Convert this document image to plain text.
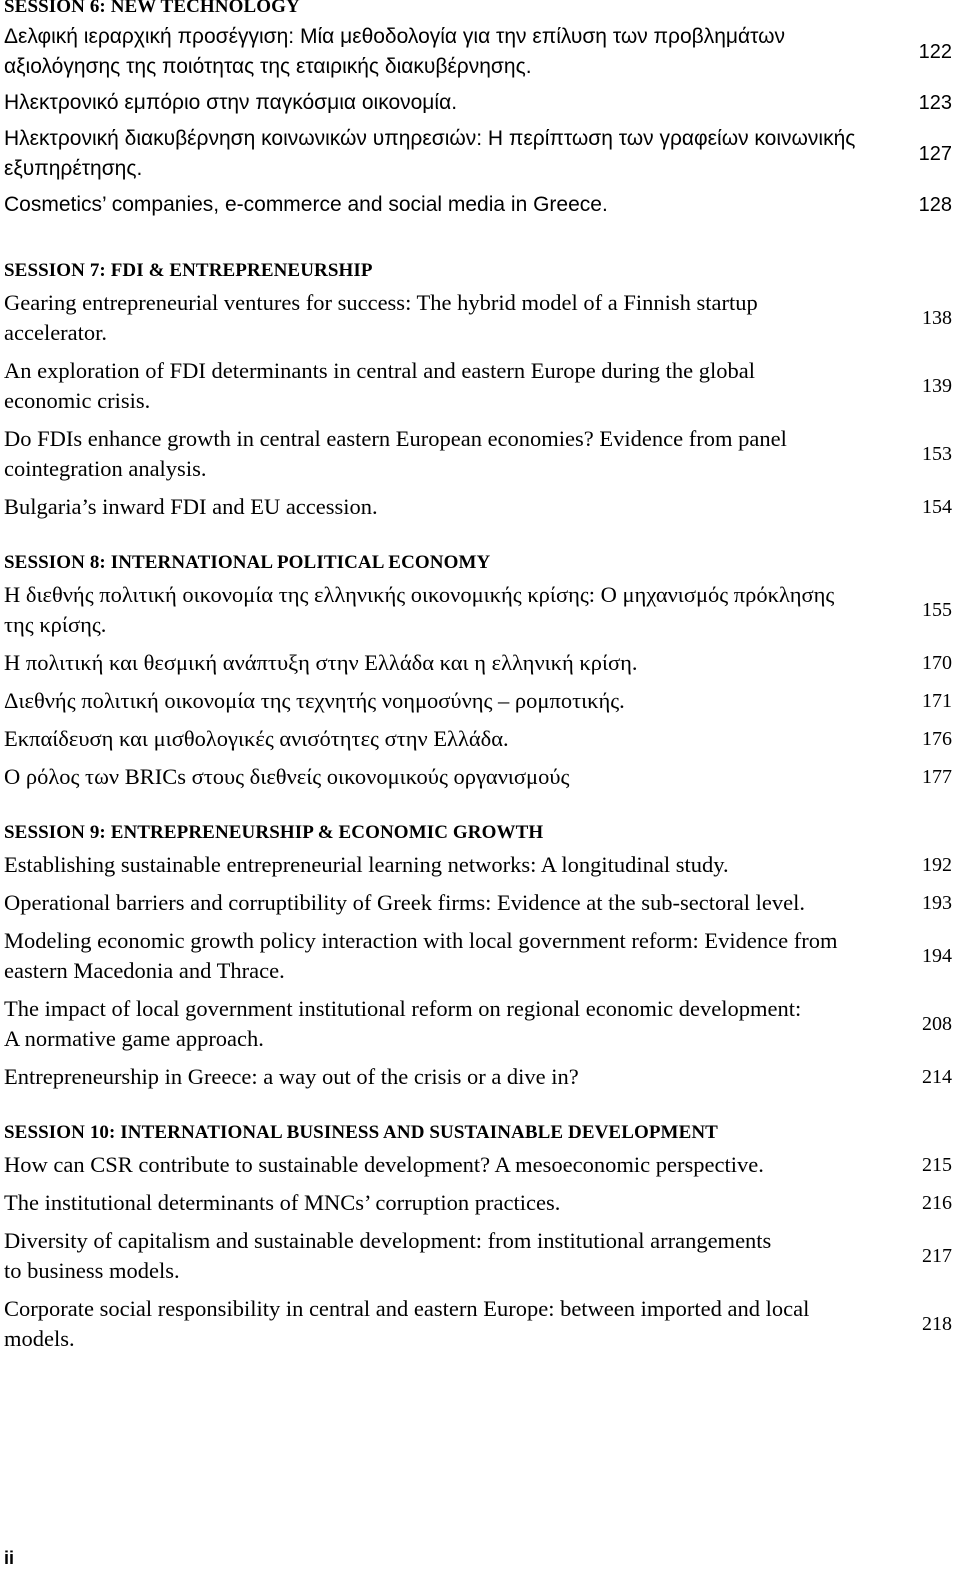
SESSION 6: NEW TECHNOLOGY
Δελφική ιεραρχική προσέγγιση: Μία μεθοδολογία για την επίλυση των προβλημάτων αξιολόγησης της ποιότητας της εταιρικής διακυβέρνησης.
122
Ηλεκτρονικό εμπόριο στην παγκόσμια οικονομία.	123
Ηλεκτρονική διακυβέρνηση κοινωνικών υπηρεσιών: Η περίπτωση των γραφείων κοινωνικής εξυπηρέτησης.
127
Cosmetics’ companies, e-commerce and social media in Greece.	128
SESSION 7: FDI & ENTREPRENEURSHIP
Gearing entrepreneurial ventures for success: The hybrid model of a Finnish startup accelerator.
138
An exploration of FDI determinants in central and eastern Europe during the global economic crisis.
139
Do FDIs enhance growth in central eastern European economies? Evidence from panel cointegration analysis.
153
Bulgaria’s inward FDI and EU accession.	154
SESSION 8: INTERNATIONAL POLITICAL ECONOMY
Η διεθνής πολιτική οικονομία της ελληνικής οικονομικής κρίσης: Ο μηχανισμός πρόκλησης της κρίσης.
155
Η πολιτική και θεσμική ανάπτυξη στην Ελλάδα και η ελληνική κρίση.	170
Διεθνής πολιτική οικονομία της τεχνητής νοημοσύνης – ρομποτικής.	171
Εκπαίδευση και μισθολογικές ανισότητες στην Ελλάδα.	176
Ο ρόλος των BRICs στους διεθνείς οικονομικούς οργανισμούς	177
SESSION 9: ENTREPRENEURSHIP & ECONOMIC GROWTH
Establishing sustainable entrepreneurial learning networks: A longitudinal study.	192
Operational barriers and corruptibility of Greek firms: Evidence at the sub-sectoral level.	193
Modeling economic growth policy interaction with local government reform: Evidence from eastern Macedonia and Thrace.
194
The impact of local government institutional reform on regional economic development: A normative game approach.
208
Entrepreneurship in Greece: a way out of the crisis or a dive in?	214
SESSION 10: INTERNATIONAL BUSINESS AND SUSTAINABLE DEVELOPMENT
How can CSR contribute to sustainable development? A mesoeconomic perspective.	215
The institutional determinants of MNCs’ corruption practices.	216
Diversity of capitalism and sustainable development: from institutional arrangements to business models.
217
Corporate social responsibility in central and eastern Europe: between imported and local models.
218
ii
